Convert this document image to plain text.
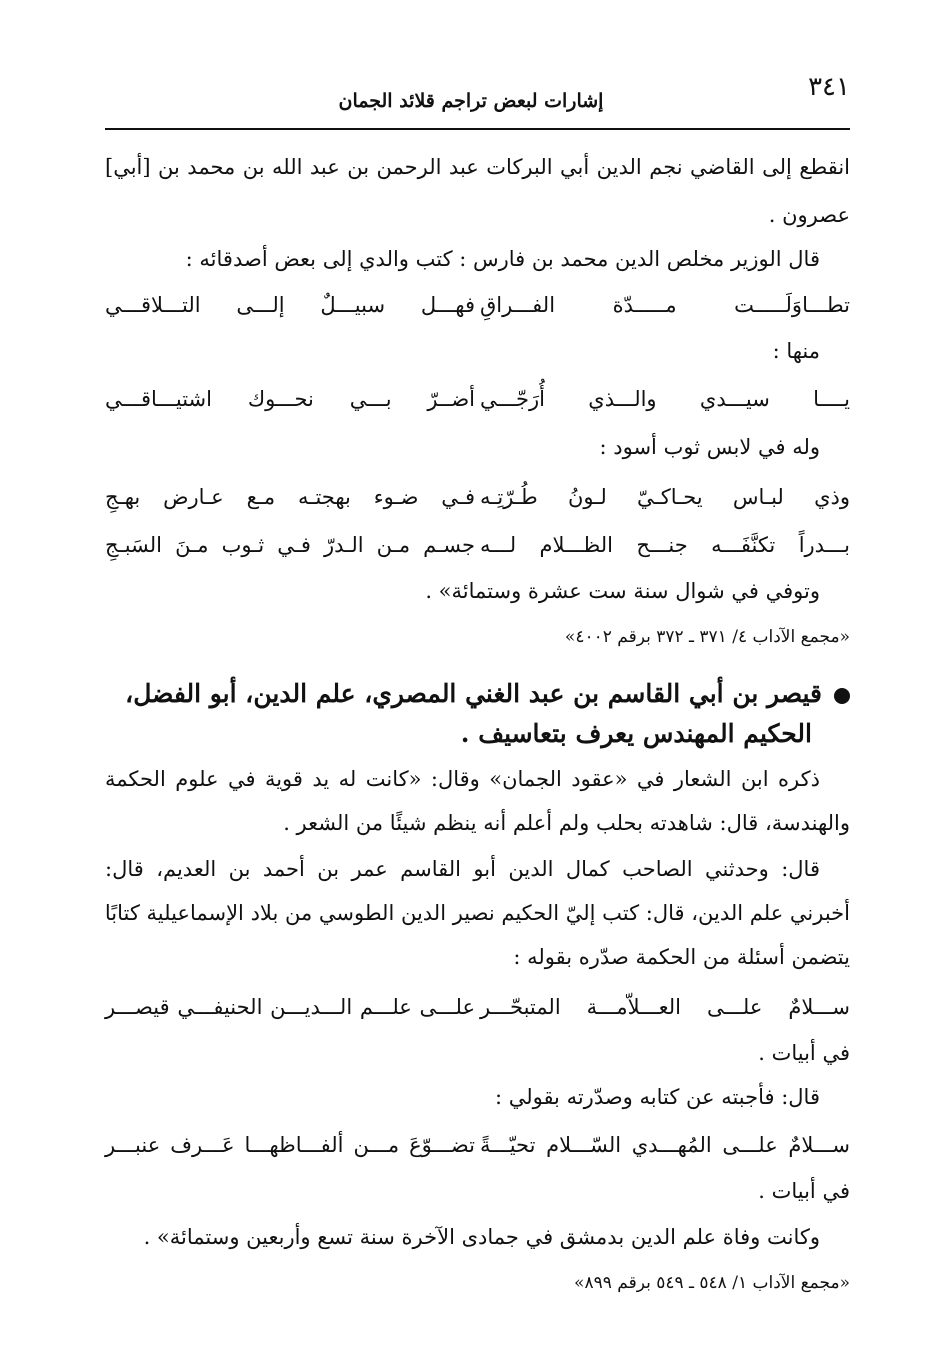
٣٤١
إشارات لبعض تراجم قلائد الجمان
انقطع إلى القاضي نجم الدين أبي البركات عبد الرحمن بن عبد الله بن محمد بن [أبي]
عصرون .
قال الوزير مخلص الدين محمد بن فارس : كتب والدي إلى بعض أصدقائه :
تطـــاوَلَـــــت مـــــدّة الفـــراقِ
فهـــل سبيـــلٌ إلـــى التـــلاقـــي
منها :
يــــا سيـــدي والـــذي أُرَجّـــي
أضــرّ بـــي نحـــوك اشتيـــاقـــي
وله في لابس ثوب أسود :
وذي لبـاس يحـاكـيّ لـونُ طُـرّتِـه
فـي ضـوء بهجتـه مـع عـارض بهـجِ
بـــدراً تكنَّفَـــه جنـــح الظـــلام لـــه
جسـم مـن الـدرّ فـي ثـوب مـنَ السَبـجِ
وتوفي في شوال سنة ست عشرة وستمائة» .
«مجمع الآداب ٤/ ٣٧١ ـ ٣٧٢ برقم ٤٠٠٢»
قيصر بن أبي القاسم بن عبد الغني المصري، علم الدين، أبو الفضل،
الحكيم المهندس يعرف بتعاسيف .
ذكره ابن الشعار في «عقود الجمان» وقال: «كانت له يد قوية في علوم الحكمة
والهندسة، قال: شاهدته بحلب ولم أعلم أنه ينظم شيئًا من الشعر .
قال: وحدثني الصاحب كمال الدين أبو القاسم عمر بن أحمد بن العديم، قال:
أخبرني علم الدين، قال: كتب إليّ الحكيم نصير الدين الطوسي من بلاد الإسماعيلية كتابًا
يتضمن أسئلة من الحكمة صدّره بقوله :
ســـلامٌ علـــى العـــلاّمـــة المتبحّـــر
علـــى علـــم الـــديـــن الحنيفـــي قيصـــر
في أبيات .
قال: فأجبته عن كتابه وصدّرته بقولي :
ســـلامٌ علـــى المُهـــدي السّـــلام تحيّـــةً
تضـــوّعَ مـــن ألفـــاظهـــا عَـــرف عنبـــر
في أبيات .
وكانت وفاة علم الدين بدمشق في جمادى الآخرة سنة تسع وأربعين وستمائة» .
«مجمع الآداب ١/ ٥٤٨ ـ ٥٤٩ برقم ٨٩٩»
